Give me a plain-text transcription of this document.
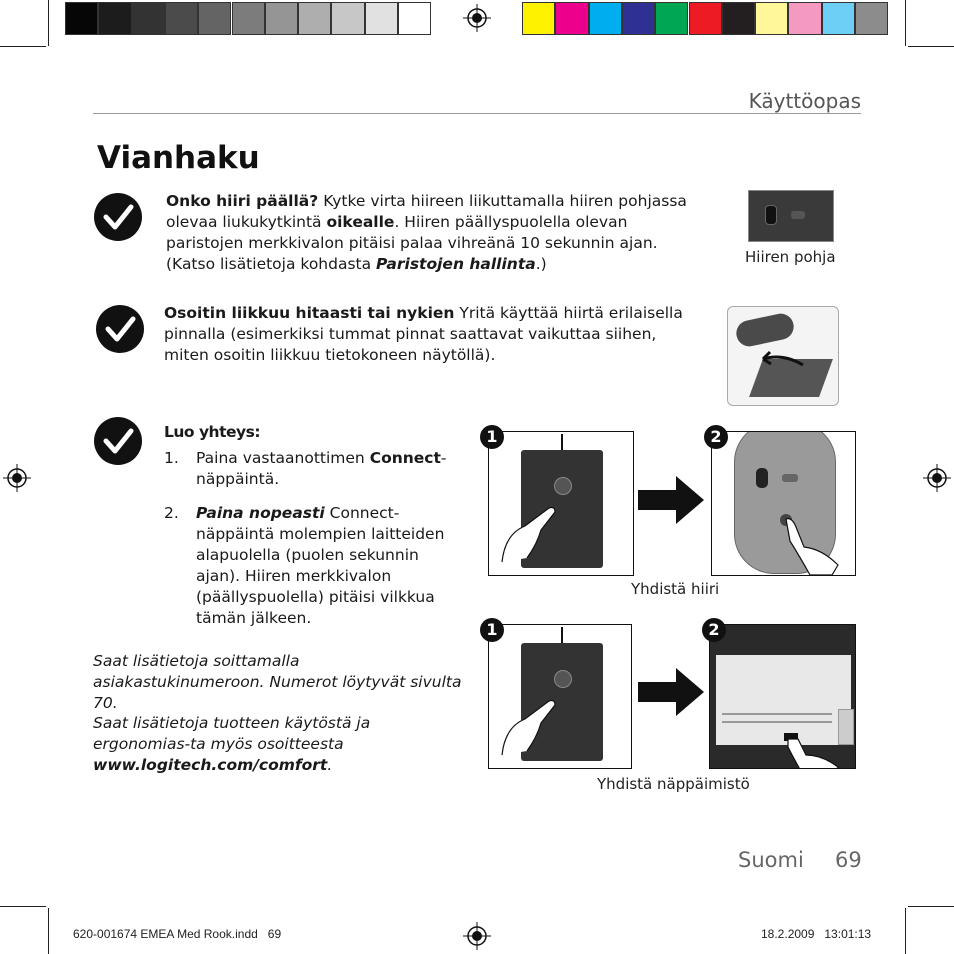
Käyttöopas
Vianhaku
Onko hiiri päällä? Kytke virta hiireen liikuttamalla hiiren pohjassa olevaa liukukytkintä oikealle. Hiiren päällyspuolella olevan paristojen merkkivalon pitäisi palaa vihreänä 10 sekunnin ajan. (Katso lisätietoja kohdasta Paristojen hallinta.)	Hiiren pohja
Osoitin liikkuu hitaasti tai nykien Yritä käyttää hiirtä erilaisella pinnalla (esimerkiksi tummat pinnat saattavat vaikuttaa siihen, miten osoitin liikkuu tietokoneen näytöllä).
Luo yhteys:
1.	Paina vastaanottimen Connect-näppäintä.
2.	Paina nopeasti Connect-näppäintä molempien laitteiden alapuolella (puolen sekunnin ajan). Hiiren merkkivalon (päällyspuolella) pitäisi vilkkua tämän jälkeen.
Saat lisätietoja soittamalla asiakastukinumeroon. Numerot löytyvät sivulta 70.
Saat lisätietoja tuotteen käytöstä ja ergonomias-ta myös osoitteesta
www.logitech.com/comfort.
1	2
Yhdistä hiiri
1	2
Yhdistä näppäimistö
Suomi 69
620-001674 EMEA Med Rook.indd   69	18.2.2009   13:01:13
